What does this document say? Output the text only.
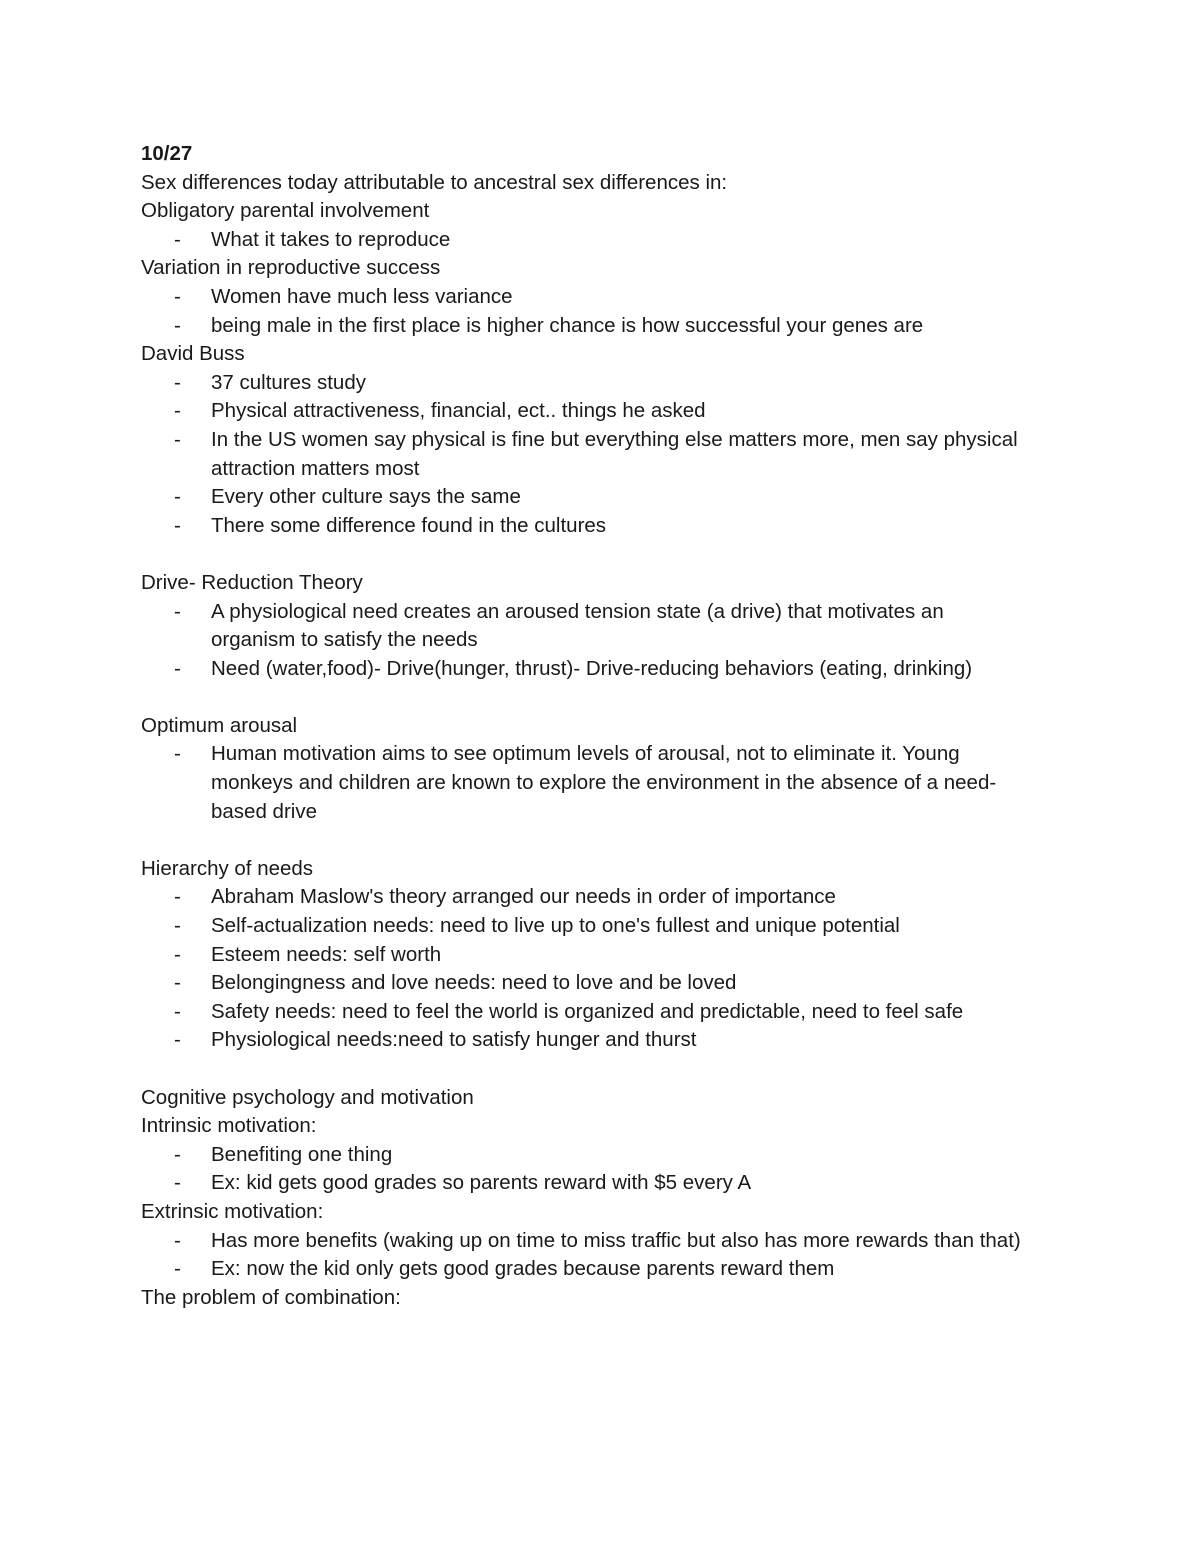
10/27
Sex differences today attributable to ancestral sex differences in:
Obligatory parental involvement
-	What it takes to reproduce
Variation in reproductive success
-	Women have much less variance
-	being male in the first place is higher chance is how successful your genes are
David Buss
-	37 cultures study
-	Physical attractiveness, financial, ect.. things he asked
-	In the US women say physical is fine but everything else matters more, men say physical attraction matters most
-	Every other culture says the same
-	There some difference found in the cultures
Drive- Reduction Theory
-	A physiological need creates an aroused tension state (a drive) that motivates an organism to satisfy the needs
-	Need (water,food)- Drive(hunger, thrust)- Drive-reducing behaviors (eating, drinking)
Optimum arousal
-	Human motivation aims to see optimum levels of arousal, not to eliminate it. Young monkeys and children are known to explore the environment in the absence of a need-based drive
Hierarchy of needs
-	Abraham Maslow's theory arranged our needs in order of importance
-	Self-actualization needs: need to live up to one's fullest and unique potential
-	Esteem needs: self worth
-	Belongingness and love needs: need to love and be loved
-	Safety needs: need to feel the world is organized and predictable, need to feel safe
-	Physiological needs:need to satisfy hunger and thurst
Cognitive psychology and motivation
Intrinsic motivation:
-	Benefiting one thing
-	Ex: kid gets good grades so parents reward with $5 every A
Extrinsic motivation:
-	Has more benefits (waking up on time to miss traffic but also has more rewards than that)
-	Ex: now the kid only gets good grades because parents reward them
The problem of combination:
